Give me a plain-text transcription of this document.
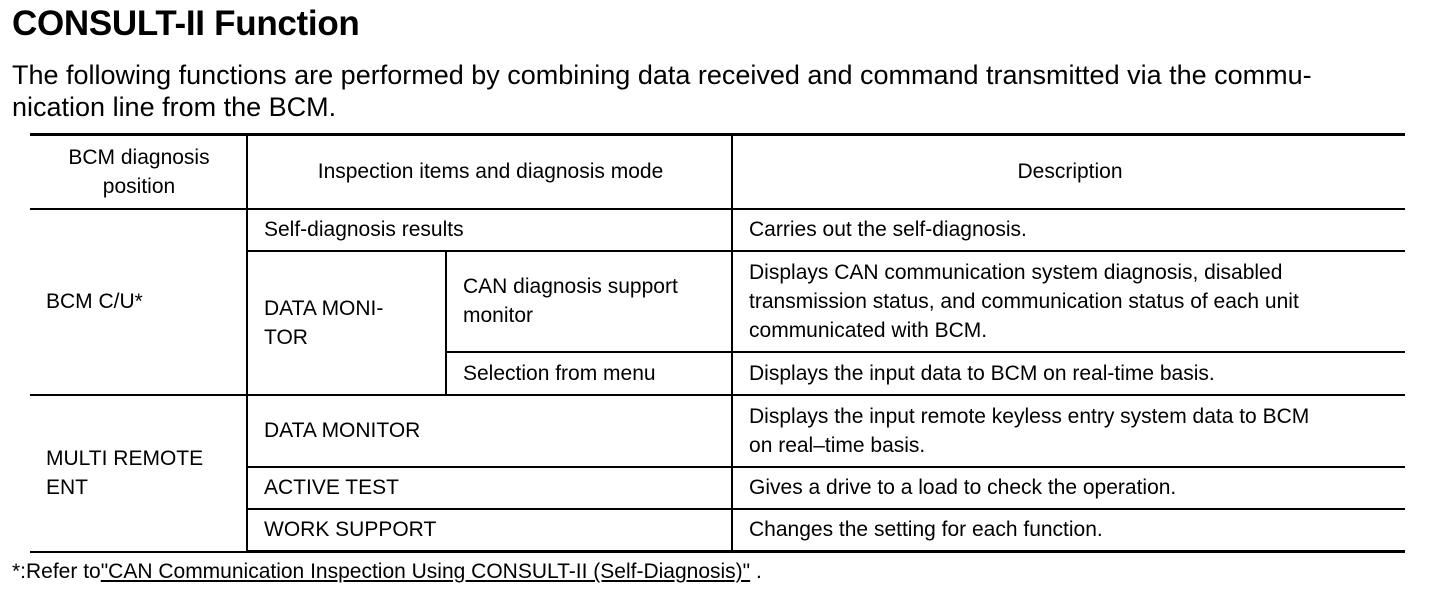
CONSULT-II Function

The following functions are performed by combining data received and command transmitted via the commu-
nication line from the BCM.

BCM diagnosis
position	Inspection items and diagnosis mode		Description
BCM C/U*	Self-diagnosis results		Carries out the self-diagnosis.

	DATA MONI-
TOR	CAN diagnosis support
monitor	Displays CAN communication system diagnosis, disabled
transmission status, and communication status of each unit
communicated with BCM.

		Selection from menu	Displays the input data to BCM on real-time basis.

MULTI REMOTE
ENT	DATA MONITOR		Displays the input remote keyless entry system data to BCM
on real–time basis.

	ACTIVE TEST		Gives a drive to a load to check the operation.
	WORK SUPPORT		Changes the setting for each function.

*:Refer to"CAN Communication Inspection Using CONSULT-II (Self-Diagnosis)" .
